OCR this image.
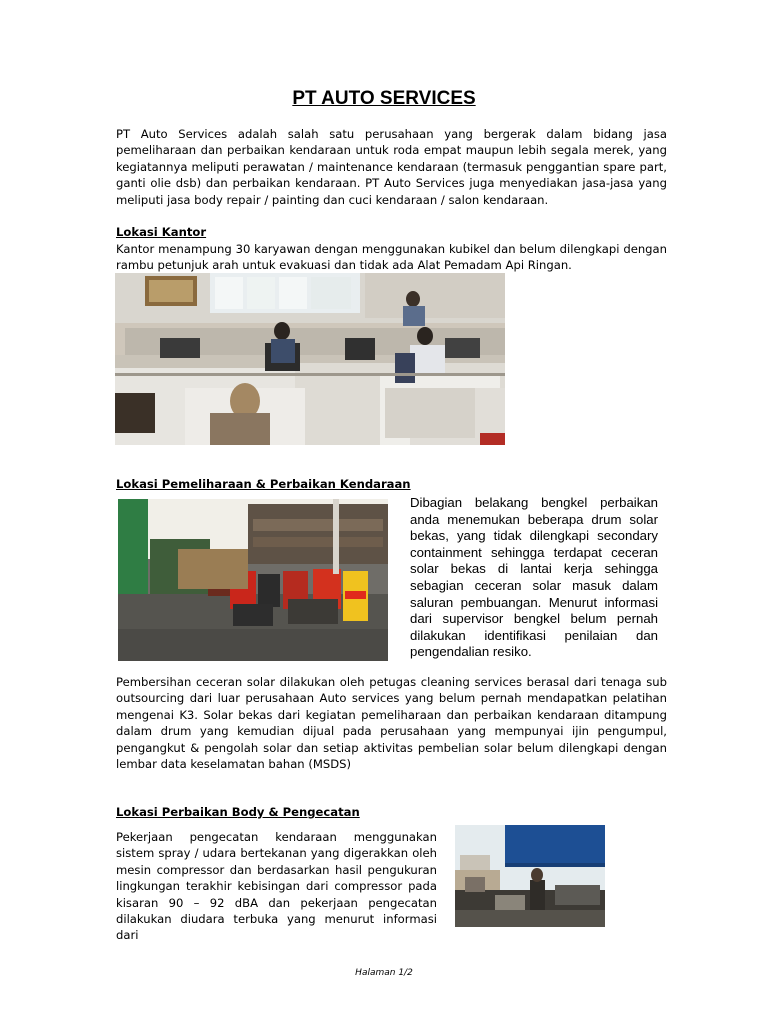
PT AUTO SERVICES
PT Auto Services adalah salah satu perusahaan yang bergerak dalam bidang jasa pemeliharaan dan perbaikan kendaraan untuk roda empat maupun lebih segala merek, yang kegiatannya meliputi perawatan / maintenance kendaraan (termasuk penggantian spare part, ganti olie dsb) dan perbaikan kendaraan. PT Auto Services juga menyediakan jasa-jasa yang meliputi jasa body repair / painting dan cuci kendaraan / salon kendaraan.
Lokasi Kantor
Kantor menampung 30 karyawan dengan menggunakan kubikel dan belum dilengkapi dengan rambu petunjuk arah untuk evakuasi dan tidak ada Alat Pemadam Api Ringan.
Lokasi Pemeliharaan & Perbaikan Kendaraan
Dibagian belakang bengkel perbaikan anda menemukan beberapa drum solar bekas, yang tidak dilengkapi secondary containment sehingga terdapat ceceran solar bekas di lantai kerja sehingga sebagian ceceran solar masuk dalam saluran pembuangan. Menurut informasi dari supervisor bengkel belum pernah dilakukan identifikasi penilaian dan pengendalian resiko.
Pembersihan ceceran solar dilakukan oleh petugas cleaning services berasal dari tenaga sub outsourcing dari luar perusahaan Auto services yang belum pernah mendapatkan pelatihan mengenai K3. Solar bekas dari kegiatan pemeliharaan dan perbaikan kendaraan ditampung dalam drum yang kemudian dijual pada perusahaan yang mempunyai ijin pengumpul, pengangkut & pengolah solar dan setiap aktivitas pembelian solar belum dilengkapi dengan lembar data keselamatan bahan (MSDS)
Lokasi Perbaikan Body & Pengecatan
Pekerjaan pengecatan kendaraan menggunakan sistem spray / udara bertekanan yang digerakkan oleh mesin compressor dan berdasarkan hasil pengukuran lingkungan terakhir kebisingan dari compressor pada kisaran 90 – 92 dBA dan pekerjaan pengecatan dilakukan diudara terbuka yang menurut informasi dari
Halaman 1/2
